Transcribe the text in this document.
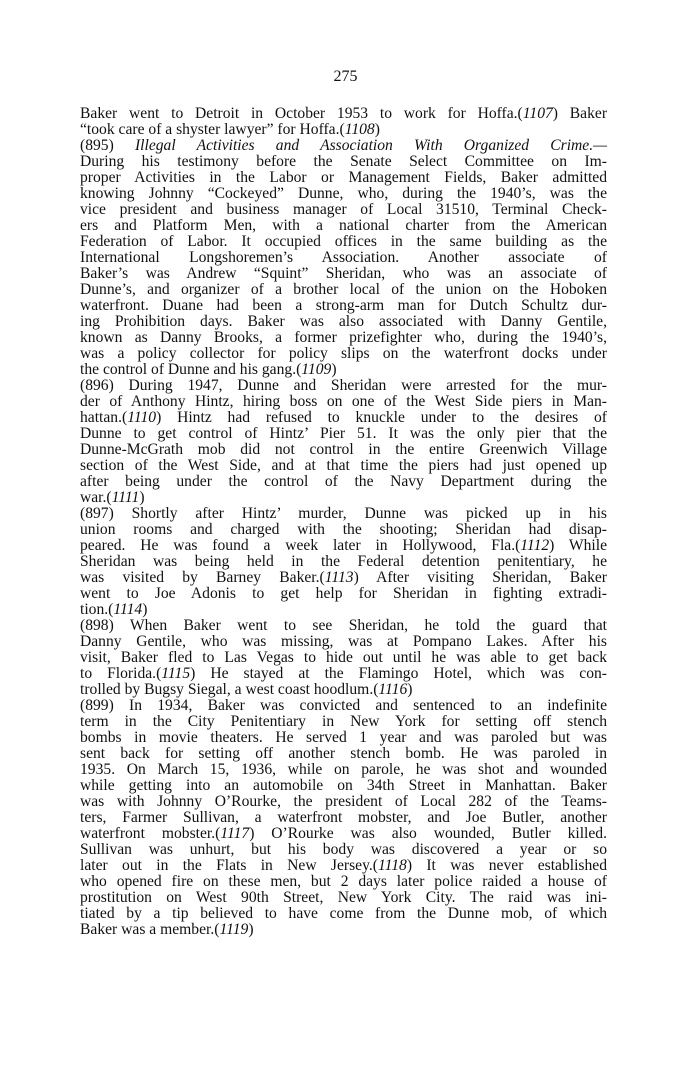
275
Baker went to Detroit in October 1953 to work for Hoffa.(1107) Baker
“took care of a shyster lawyer” for Hoffa.(1108)
(895) Illegal Activities and Association With Organized Crime.—
During his testimony before the Senate Select Committee on Im-
proper Activities in the Labor or Management Fields, Baker admitted
knowing Johnny “Cockeyed” Dunne, who, during the 1940’s, was the
vice president and business manager of Local 31510, Terminal Check-
ers and Platform Men, with a national charter from the American
Federation of Labor. It occupied offices in the same building as the
International Longshoremen’s Association. Another associate of
Baker’s was Andrew “Squint” Sheridan, who was an associate of
Dunne’s, and organizer of a brother local of the union on the Hoboken
waterfront. Duane had been a strong-arm man for Dutch Schultz dur-
ing Prohibition days. Baker was also associated with Danny Gentile,
known as Danny Brooks, a former prizefighter who, during the 1940’s,
was a policy collector for policy slips on the waterfront docks under
the control of Dunne and his gang.(1109)
(896) During 1947, Dunne and Sheridan were arrested for the mur-
der of Anthony Hintz, hiring boss on one of the West Side piers in Man-
hattan.(1110) Hintz had refused to knuckle under to the desires of
Dunne to get control of Hintz’ Pier 51. It was the only pier that the
Dunne-McGrath mob did not control in the entire Greenwich Village
section of the West Side, and at that time the piers had just opened up
after being under the control of the Navy Department during the
war.(1111)
(897) Shortly after Hintz’ murder, Dunne was picked up in his
union rooms and charged with the shooting; Sheridan had disap-
peared. He was found a week later in Hollywood, Fla.(1112) While
Sheridan was being held in the Federal detention penitentiary, he
was visited by Barney Baker.(1113) After visiting Sheridan, Baker
went to Joe Adonis to get help for Sheridan in fighting extradi-
tion.(1114)
(898) When Baker went to see Sheridan, he told the guard that
Danny Gentile, who was missing, was at Pompano Lakes. After his
visit, Baker fled to Las Vegas to hide out until he was able to get back
to Florida.(1115) He stayed at the Flamingo Hotel, which was con-
trolled by Bugsy Siegal, a west coast hoodlum.(1116)
(899) In 1934, Baker was convicted and sentenced to an indefinite
term in the City Penitentiary in New York for setting off stench
bombs in movie theaters. He served 1 year and was paroled but was
sent back for setting off another stench bomb. He was paroled in
1935. On March 15, 1936, while on parole, he was shot and wounded
while getting into an automobile on 34th Street in Manhattan. Baker
was with Johnny O’Rourke, the president of Local 282 of the Teams-
ters, Farmer Sullivan, a waterfront mobster, and Joe Butler, another
waterfront mobster.(1117) O’Rourke was also wounded, Butler killed.
Sullivan was unhurt, but his body was discovered a year or so
later out in the Flats in New Jersey.(1118) It was never established
who opened fire on these men, but 2 days later police raided a house of
prostitution on West 90th Street, New York City. The raid was ini-
tiated by a tip believed to have come from the Dunne mob, of which
Baker was a member.(1119)
